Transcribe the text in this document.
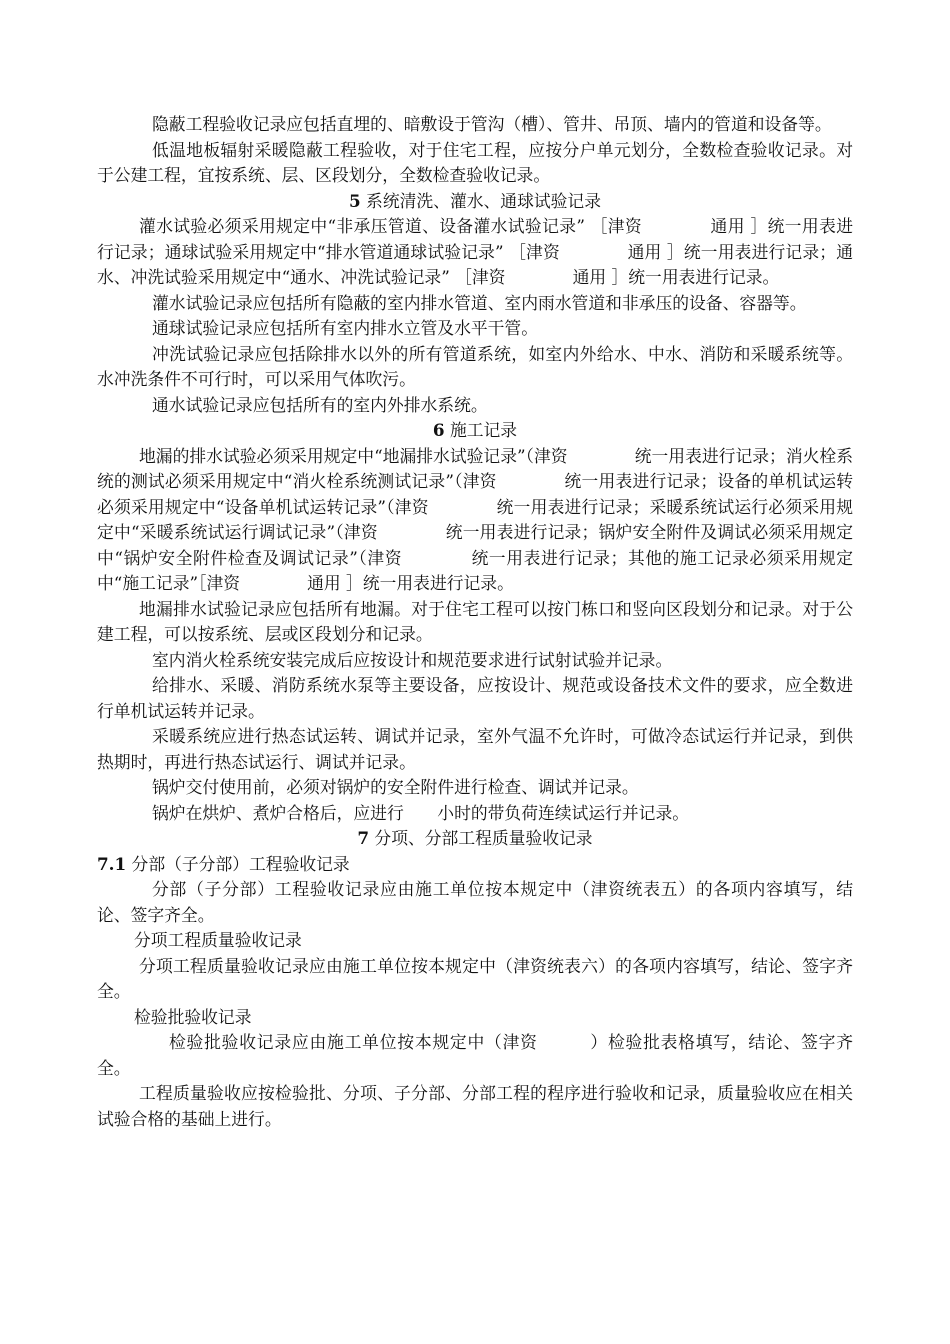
隐蔽工程验收记录应包括直埋的、暗敷设于管沟（槽）、管井、吊顶、墙内的管道和设备等。

低温地板辐射采暖隐蔽工程验收，对于住宅工程，应按分户单元划分，全数检查验收记录。对于公建工程，宜按系统、层、区段划分，全数检查验收记录。

5 系统清洗、灌水、通球试验记录

灌水试验必须采用规定中“非承压管道、设备灌水试验记录” ［津资　　　　通用 ］统一用表进行记录；通球试验采用规定中“排水管道通球试验记录” ［津资　　　　通用 ］统一用表进行记录；通水、冲洗试验采用规定中“通水、冲洗试验记录” ［津资　　　　通用 ］统一用表进行记录。

灌水试验记录应包括所有隐蔽的室内排水管道、室内雨水管道和非承压的设备、容器等。

通球试验记录应包括所有室内排水立管及水平干管。

冲洗试验记录应包括除排水以外的所有管道系统，如室内外给水、中水、消防和采暖系统等。水冲洗条件不可行时，可以采用气体吹污。

通水试验记录应包括所有的室内外排水系统。

6 施工记录

地漏的排水试验必须采用规定中“地漏排水试验记录”（津资　　　　统一用表进行记录；消火栓系统的测试必须采用规定中“消火栓系统测试记录”（津资　　　　统一用表进行记录；设备的单机试运转必须采用规定中“设备单机试运转记录”（津资　　　　统一用表进行记录；采暖系统试运行必须采用规定中“采暖系统试运行调试记录”（津资　　　　统一用表进行记录；锅炉安全附件及调试必须采用规定中“锅炉安全附件检查及调试记录”（津资　　　　统一用表进行记录；其他的施工记录必须采用规定中“施工记录”［津资　　　　通用 ］统一用表进行记录。

地漏排水试验记录应包括所有地漏。对于住宅工程可以按门栋口和竖向区段划分和记录。对于公建工程，可以按系统、层或区段划分和记录。

室内消火栓系统安装完成后应按设计和规范要求进行试射试验并记录。

给排水、采暖、消防系统水泵等主要设备，应按设计、规范或设备技术文件的要求，应全数进行单机试运转并记录。

采暖系统应进行热态试运转、调试并记录，室外气温不允许时，可做冷态试运行并记录，到供热期时，再进行热态试运行、调试并记录。

锅炉交付使用前，必须对锅炉的安全附件进行检查、调试并记录。

锅炉在烘炉、煮炉合格后，应进行　　小时的带负荷连续试运行并记录。

7 分项、分部工程质量验收记录

7.1 分部（子分部）工程验收记录

分部（子分部）工程验收记录应由施工单位按本规定中（津资统表五）的各项内容填写，结论、签字齐全。

分项工程质量验收记录

分项工程质量验收记录应由施工单位按本规定中（津资统表六）的各项内容填写，结论、签字齐全。

检验批验收记录

检验批验收记录应由施工单位按本规定中（津资　　　）检验批表格填写，结论、签字齐全。

工程质量验收应按检验批、分项、子分部、分部工程的程序进行验收和记录，质量验收应在相关试验合格的基础上进行。
